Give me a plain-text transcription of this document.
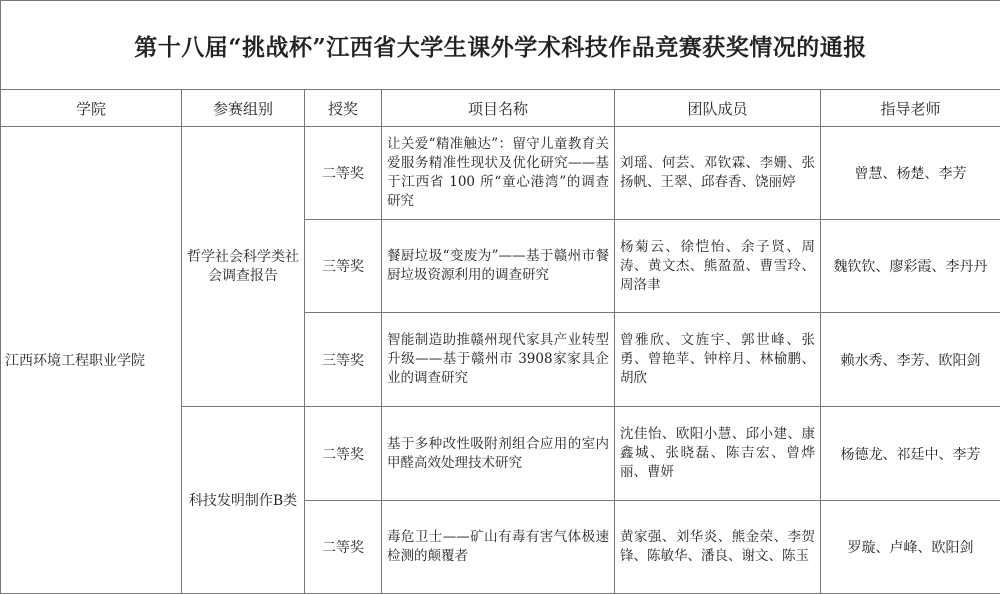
第十八届“挑战杯”江西省大学生课外学术科技作品竞赛获奖情况的通报					
学院	参赛组别	授奖	项目名称	团队成员	指导老师
江西环境工程职业学院	哲学社会科学类社会调查报告	二等奖	让关爱“精准触达”：留守儿童教育关爱服务精准性现状及优化研究——基于江西省 100 所“童心港湾”的调查研究	刘瑶、何芸、邓钦霖、李姗、张扬帆、王翠、邱春香、饶丽婷	曾慧、杨楚、李芳
		三等奖	餐厨垃圾“变废为”——基于赣州市餐厨垃圾资源利用的调查研究	杨菊云、徐恺怡、余子贤、周涛、黄文杰、熊盈盈、曹雪玲、周洛聿	魏钦钦、廖彩霞、李丹丹
		三等奖	智能制造助推赣州现代家具产业转型升级——基于赣州市 3908家家具企业的调查研究	曾雅欣、文旌宇、郭世峰、张勇、曾艳苹、钟梓月、林榆鹏、胡欣	赖水秀、李芳、欧阳剑
	科技发明制作B类	二等奖	基于多种改性吸附剂组合应用的室内甲醛高效处理技术研究	沈佳怡、欧阳小慧、邱小建、康鑫城、张晓磊、陈吉宏、曾烨丽、曹妍	杨德龙、祁廷中、李芳
		二等奖	毒危卫士——矿山有毒有害气体极速检测的颠覆者	黄家强、刘华炎、熊金荣、李贺锋、陈敏华、潘良、谢文、陈玉	罗璇、卢峰、欧阳剑
